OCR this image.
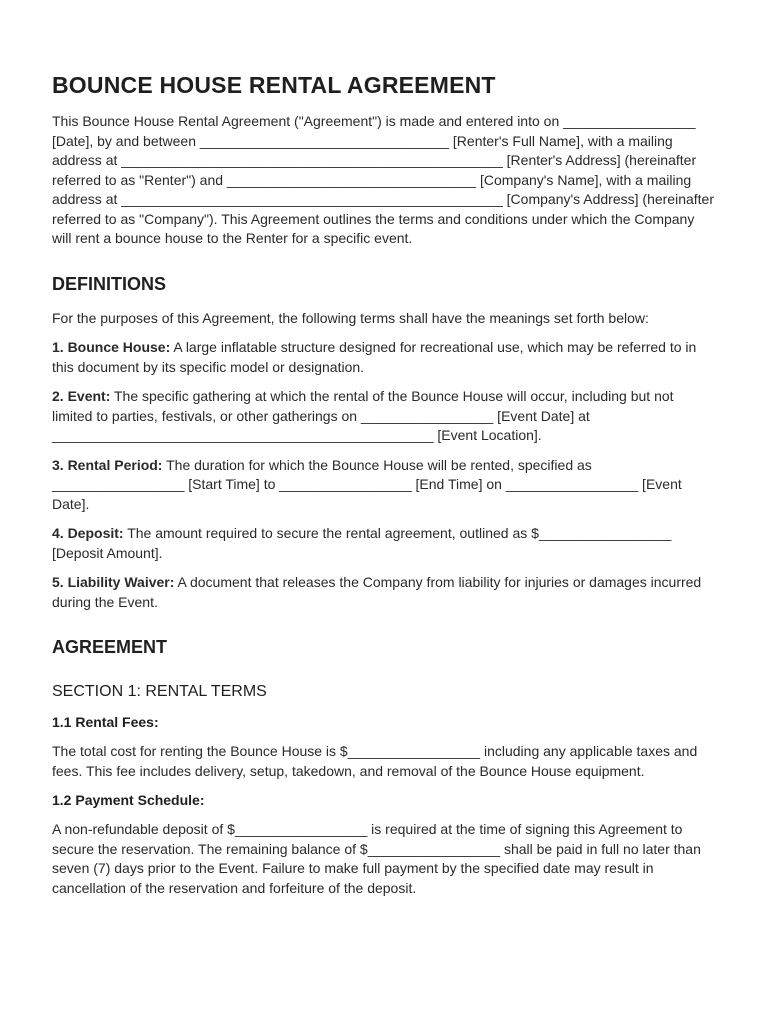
BOUNCE HOUSE RENTAL AGREEMENT

This Bounce House Rental Agreement ("Agreement") is made and entered into on _________________ [Date], by and between ________________________________ [Renter's Full Name], with a mailing address at _________________________________________________ [Renter's Address] (hereinafter referred to as "Renter") and ________________________________ [Company's Name], with a mailing address at _________________________________________________ [Company's Address] (hereinafter referred to as "Company"). This Agreement outlines the terms and conditions under which the Company will rent a bounce house to the Renter for a specific event.

DEFINITIONS

For the purposes of this Agreement, the following terms shall have the meanings set forth below:

1. Bounce House: A large inflatable structure designed for recreational use, which may be referred to in this document by its specific model or designation.

2. Event: The specific gathering at which the rental of the Bounce House will occur, including but not limited to parties, festivals, or other gatherings on _________________ [Event Date] at _________________________________________________ [Event Location].

3. Rental Period: The duration for which the Bounce House will be rented, specified as _________________ [Start Time] to _________________ [End Time] on _________________ [Event Date].

4. Deposit: The amount required to secure the rental agreement, outlined as $_________________ [Deposit Amount].

5. Liability Waiver: A document that releases the Company from liability for injuries or damages incurred during the Event.

AGREEMENT
SECTION 1: RENTAL TERMS
1.1 Rental Fees:

The total cost for renting the Bounce House is $_________________ including any applicable taxes and fees. This fee includes delivery, setup, takedown, and removal of the Bounce House equipment.

1.2 Payment Schedule:

A non-refundable deposit of $_________________ is required at the time of signing this Agreement to secure the reservation. The remaining balance of $_________________ shall be paid in full no later than seven (7) days prior to the Event. Failure to make full payment by the specified date may result in cancellation of the reservation and forfeiture of the deposit.
